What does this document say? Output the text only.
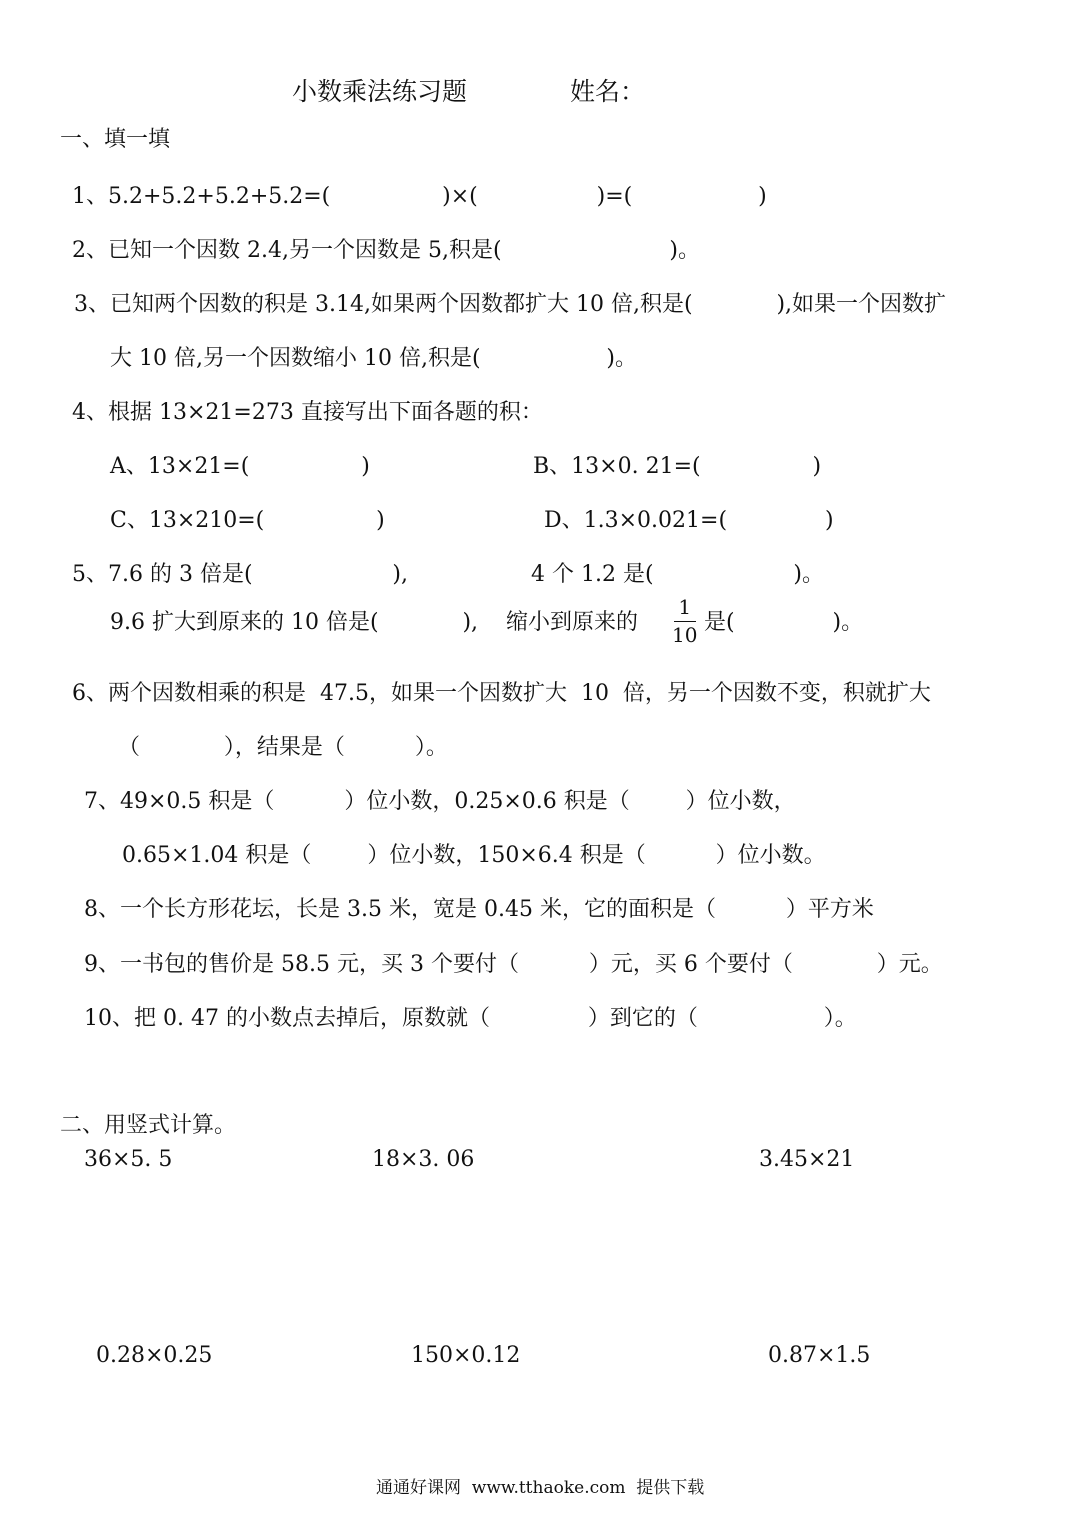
小数乘法练习题	姓名：
一、填一填
1、5.2+5.2+5.2+5.2=(                )×(                 )=(                  )
2、已知一个因数 2.4,另一个因数是 5,积是(                        )。
3、已知两个因数的积是 3.14,如果两个因数都扩大 10 倍,积是(            ),如果一个因数扩
大 10 倍,另一个因数缩小 10 倍,积是(                  )。
4、根据 13×21=273 直接写出下面各题的积：
A、13×21=(                )	B、13×0. 21=(                )
C、13×210=(                )	D、1.3×0.021=(              )
5、7.6 的 3 倍是(                    ),	4 个 1.2 是(                    )。
9.6 扩大到原来的 10 倍是(            ),    缩小到原来的
1
10 是(              )。
6、两个因数相乘的积是  47.5，如果一个因数扩大  10  倍，另一个因数不变，积就扩大
（            ），结果是（          ）。
7、49×0.5 积是（          ）位小数，0.25×0.6 积是（        ）位小数，
0.65×1.04 积是（        ）位小数，150×6.4 积是（          ）位小数。
8、一个长方形花坛，长是 3.5 米，宽是 0.45 米，它的面积是（          ）平方米
9、一书包的售价是 58.5 元，买 3 个要付（          ）元，买 6 个要付（            ）元。
10、把 0. 47 的小数点去掉后，原数就（              ）到它的（                  ）。
二、用竖式计算。
36×5. 5	18×3. 06	3.45×21
0.28×0.25	150×0.12	0.87×1.5
通通好课网  www.tthaoke.com  提供下载
